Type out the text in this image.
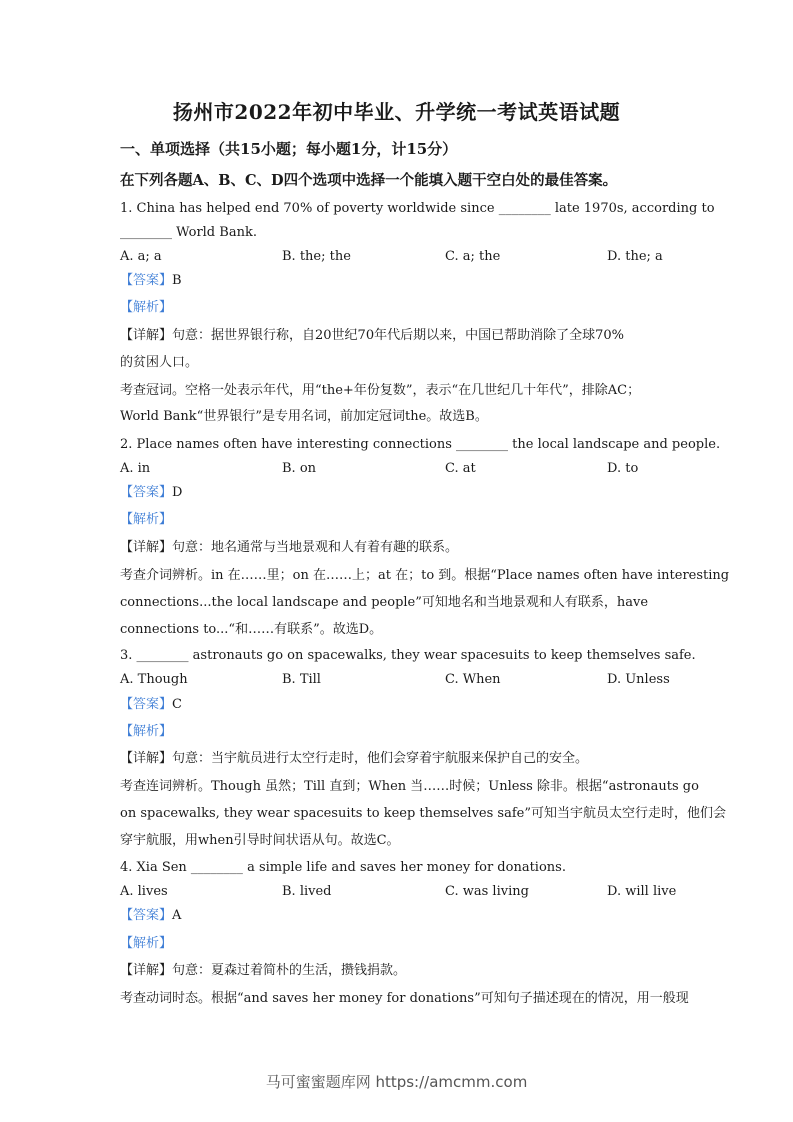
扬州市2022年初中毕业、升学统一考试英语试题
一、单项选择（共15小题；每小题1分，计15分）
在下列各题A、B、C、D四个选项中选择一个能填入题干空白处的最佳答案。
1. China has helped end 70% of poverty worldwide since ________ late 1970s, according to
________ World Bank.
A. a; a	B. the; the	C. a; the	D. the; a
【答案】B
【解析】
【详解】句意：据世界银行称，自20世纪70年代后期以来，中国已帮助消除了全球70%
的贫困人口。
考查冠词。空格一处表示年代，用“the+年份复数”，表示“在几世纪几十年代”，排除AC；
World Bank“世界银行”是专用名词，前加定冠词the。故选B。
2. Place names often have interesting connections ________ the local landscape and people.
A. in	B. on	C. at	D. to
【答案】D
【解析】
【详解】句意：地名通常与当地景观和人有着有趣的联系。
考查介词辨析。in 在……里；on 在……上；at 在；to 到。根据“Place names often have interesting
connections...the local landscape and people”可知地名和当地景观和人有联系，have
connections to...“和……有联系”。故选D。
3. ________ astronauts go on spacewalks, they wear spacesuits to keep themselves safe.
A. Though	B. Till	C. When	D. Unless
【答案】C
【解析】
【详解】句意：当宇航员进行太空行走时，他们会穿着宇航服来保护自己的安全。
考查连词辨析。Though 虽然；Till 直到；When 当……时候；Unless 除非。根据“astronauts go
on spacewalks, they wear spacesuits to keep themselves safe”可知当宇航员太空行走时，他们会
穿宇航服，用when引导时间状语从句。故选C。
4. Xia Sen ________ a simple life and saves her money for donations.
A. lives	B. lived	C. was living	D. will live
【答案】A
【解析】
【详解】句意：夏森过着简朴的生活，攒钱捐款。
考查动词时态。根据“and saves her money for donations”可知句子描述现在的情况，用一般现
马可蜜蜜题库网 https://amcmm.com
